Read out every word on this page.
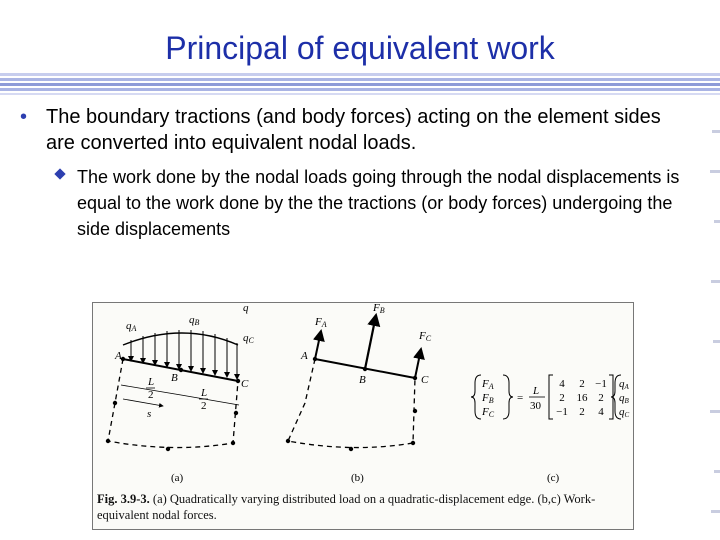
Principal of equivalent work
• The boundary tractions (and body forces) acting on the element sides are converted into equivalent nodal loads.
The work done by the nodal loads going through the nodal displacements is equal to the work done by the the tractions (or body forces) undergoing the side displacements
qA
qB
qC
q
A
B	C
L
2	L
2
s
(a)
FA
FB
FC
A
B	C
(b)
FA
FB
FC
=
L
30
4 2 −1
2 16 2
−1 2 4
qA
qB
qC
(c)
Fig. 3.9-3. (a) Quadratically varying distributed load on a quadratic-displacement edge. (b,c) Work-equivalent nodal forces.
